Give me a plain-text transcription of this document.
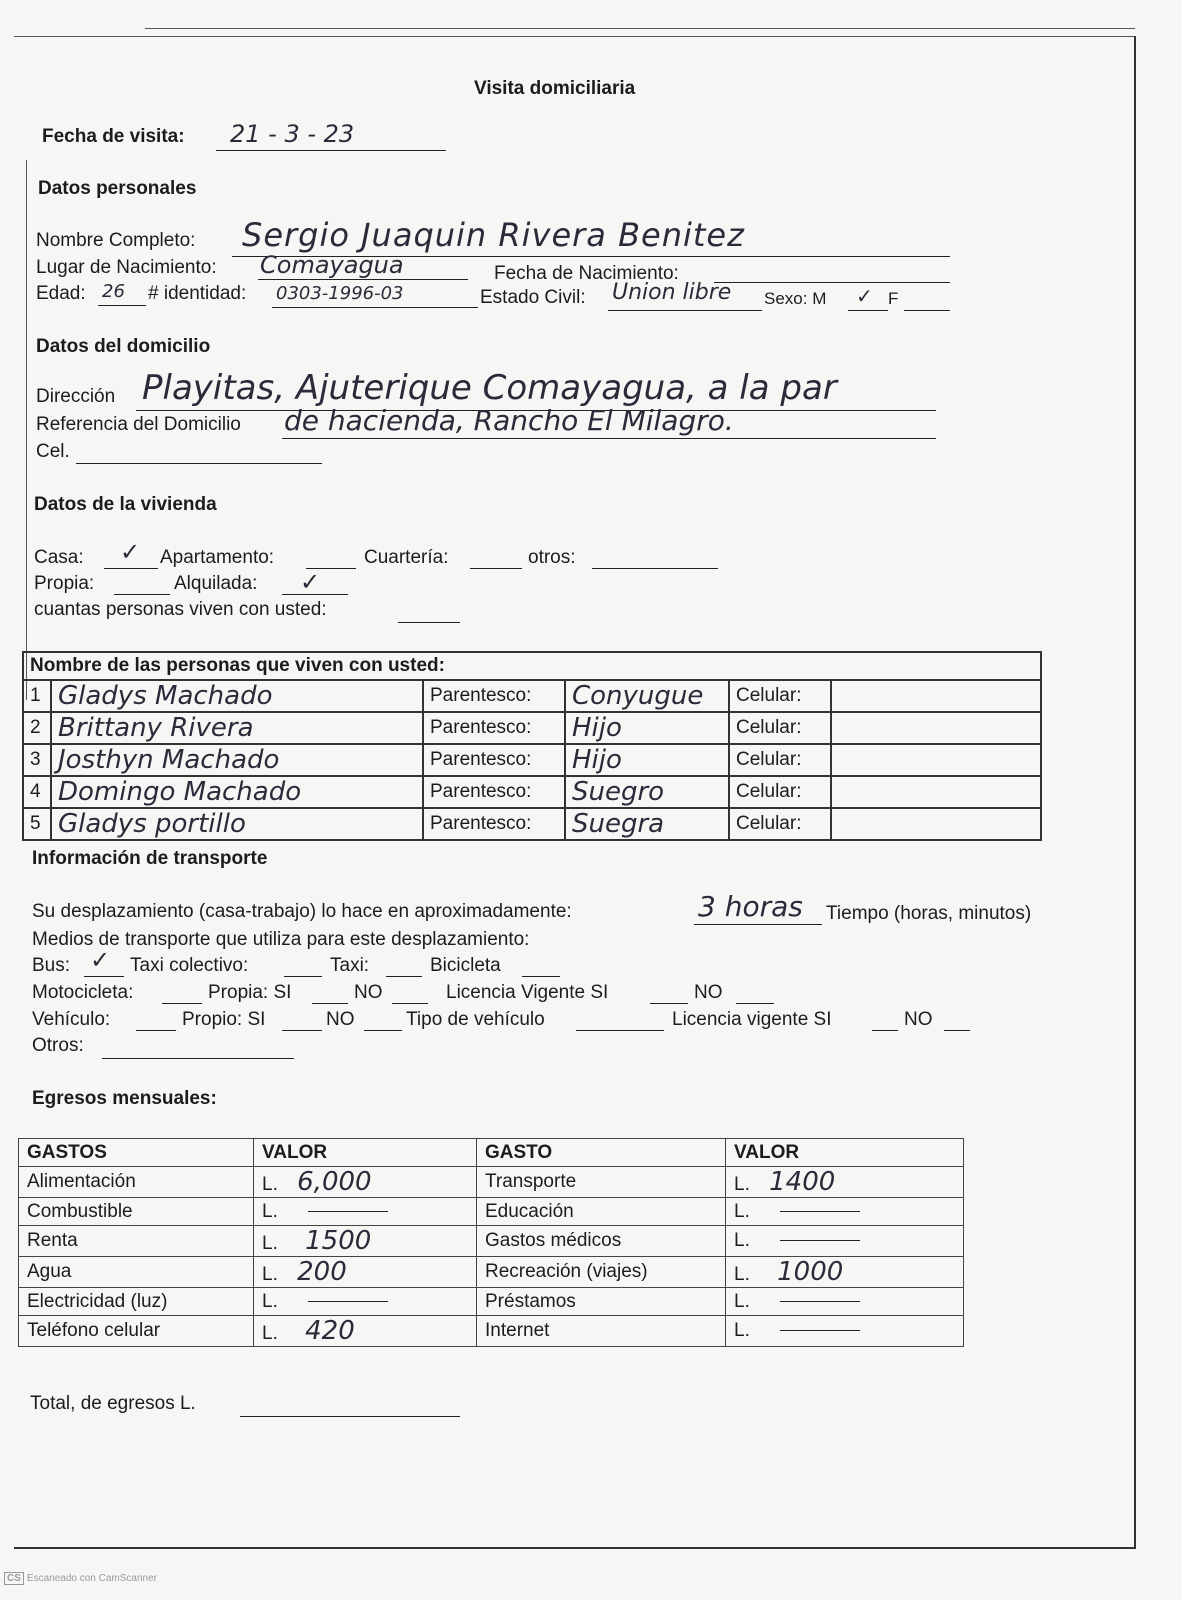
Visita domiciliaria
Fecha de visita: 21 - 3 - 23
Datos personales
Nombre Completo: Sergio Juaquin Rivera Benitez
Lugar de Nacimiento: Comayagua	Fecha de Nacimiento:
Edad: 26 # identidad: 0303-1996-03	Estado Civil: Union libre Sexo: M ✓ F
Datos del domicilio
Dirección Playitas, Ajuterique Comayagua, a la par
Referencia del Domicilio de hacienda, Rancho El Milagro.
Cel.
Datos de la vivienda
Casa: ✓ Apartamento:	Cuartería:	otros:
Propia:	Alquilada: ✓
cuantas personas viven con usted:
Nombre de las personas que viven con usted:					
1	Gladys Machado	Parentesco:	Conyugue	Celular:	
2	Brittany Rivera	Parentesco:	Hijo	Celular:	
3	Josthyn Machado	Parentesco:	Hijo	Celular:	
4	Domingo Machado	Parentesco:	Suegro	Celular:	
5	Gladys portillo	Parentesco:	Suegra	Celular:	
Información de transporte
Su desplazamiento (casa-trabajo) lo hace en aproximadamente:	3 horas Tiempo (horas, minutos)
Medios de transporte que utiliza para este desplazamiento:
Bus: ✓ Taxi colectivo:	Taxi:	Bicicleta
Motocicleta:	Propia: SI	NO	Licencia Vigente SI	NO
Vehículo:	Propio: SI	NO	Tipo de vehículo	Licencia vigente SI	NO
Otros:
Egresos mensuales:
GASTOS	VALOR	GASTO	VALOR
Alimentación	L. 6,000	Transporte	L. 1400
Combustible	L.	Educación	L.
Renta	L. 1500	Gastos médicos	L.
Agua	L. 200	Recreación (viajes)	L. 1000
Electricidad (luz)	L.	Préstamos	L.
Teléfono celular	L. 420	Internet	L.
Total, de egresos L.
CS Escaneado con CamScanner
